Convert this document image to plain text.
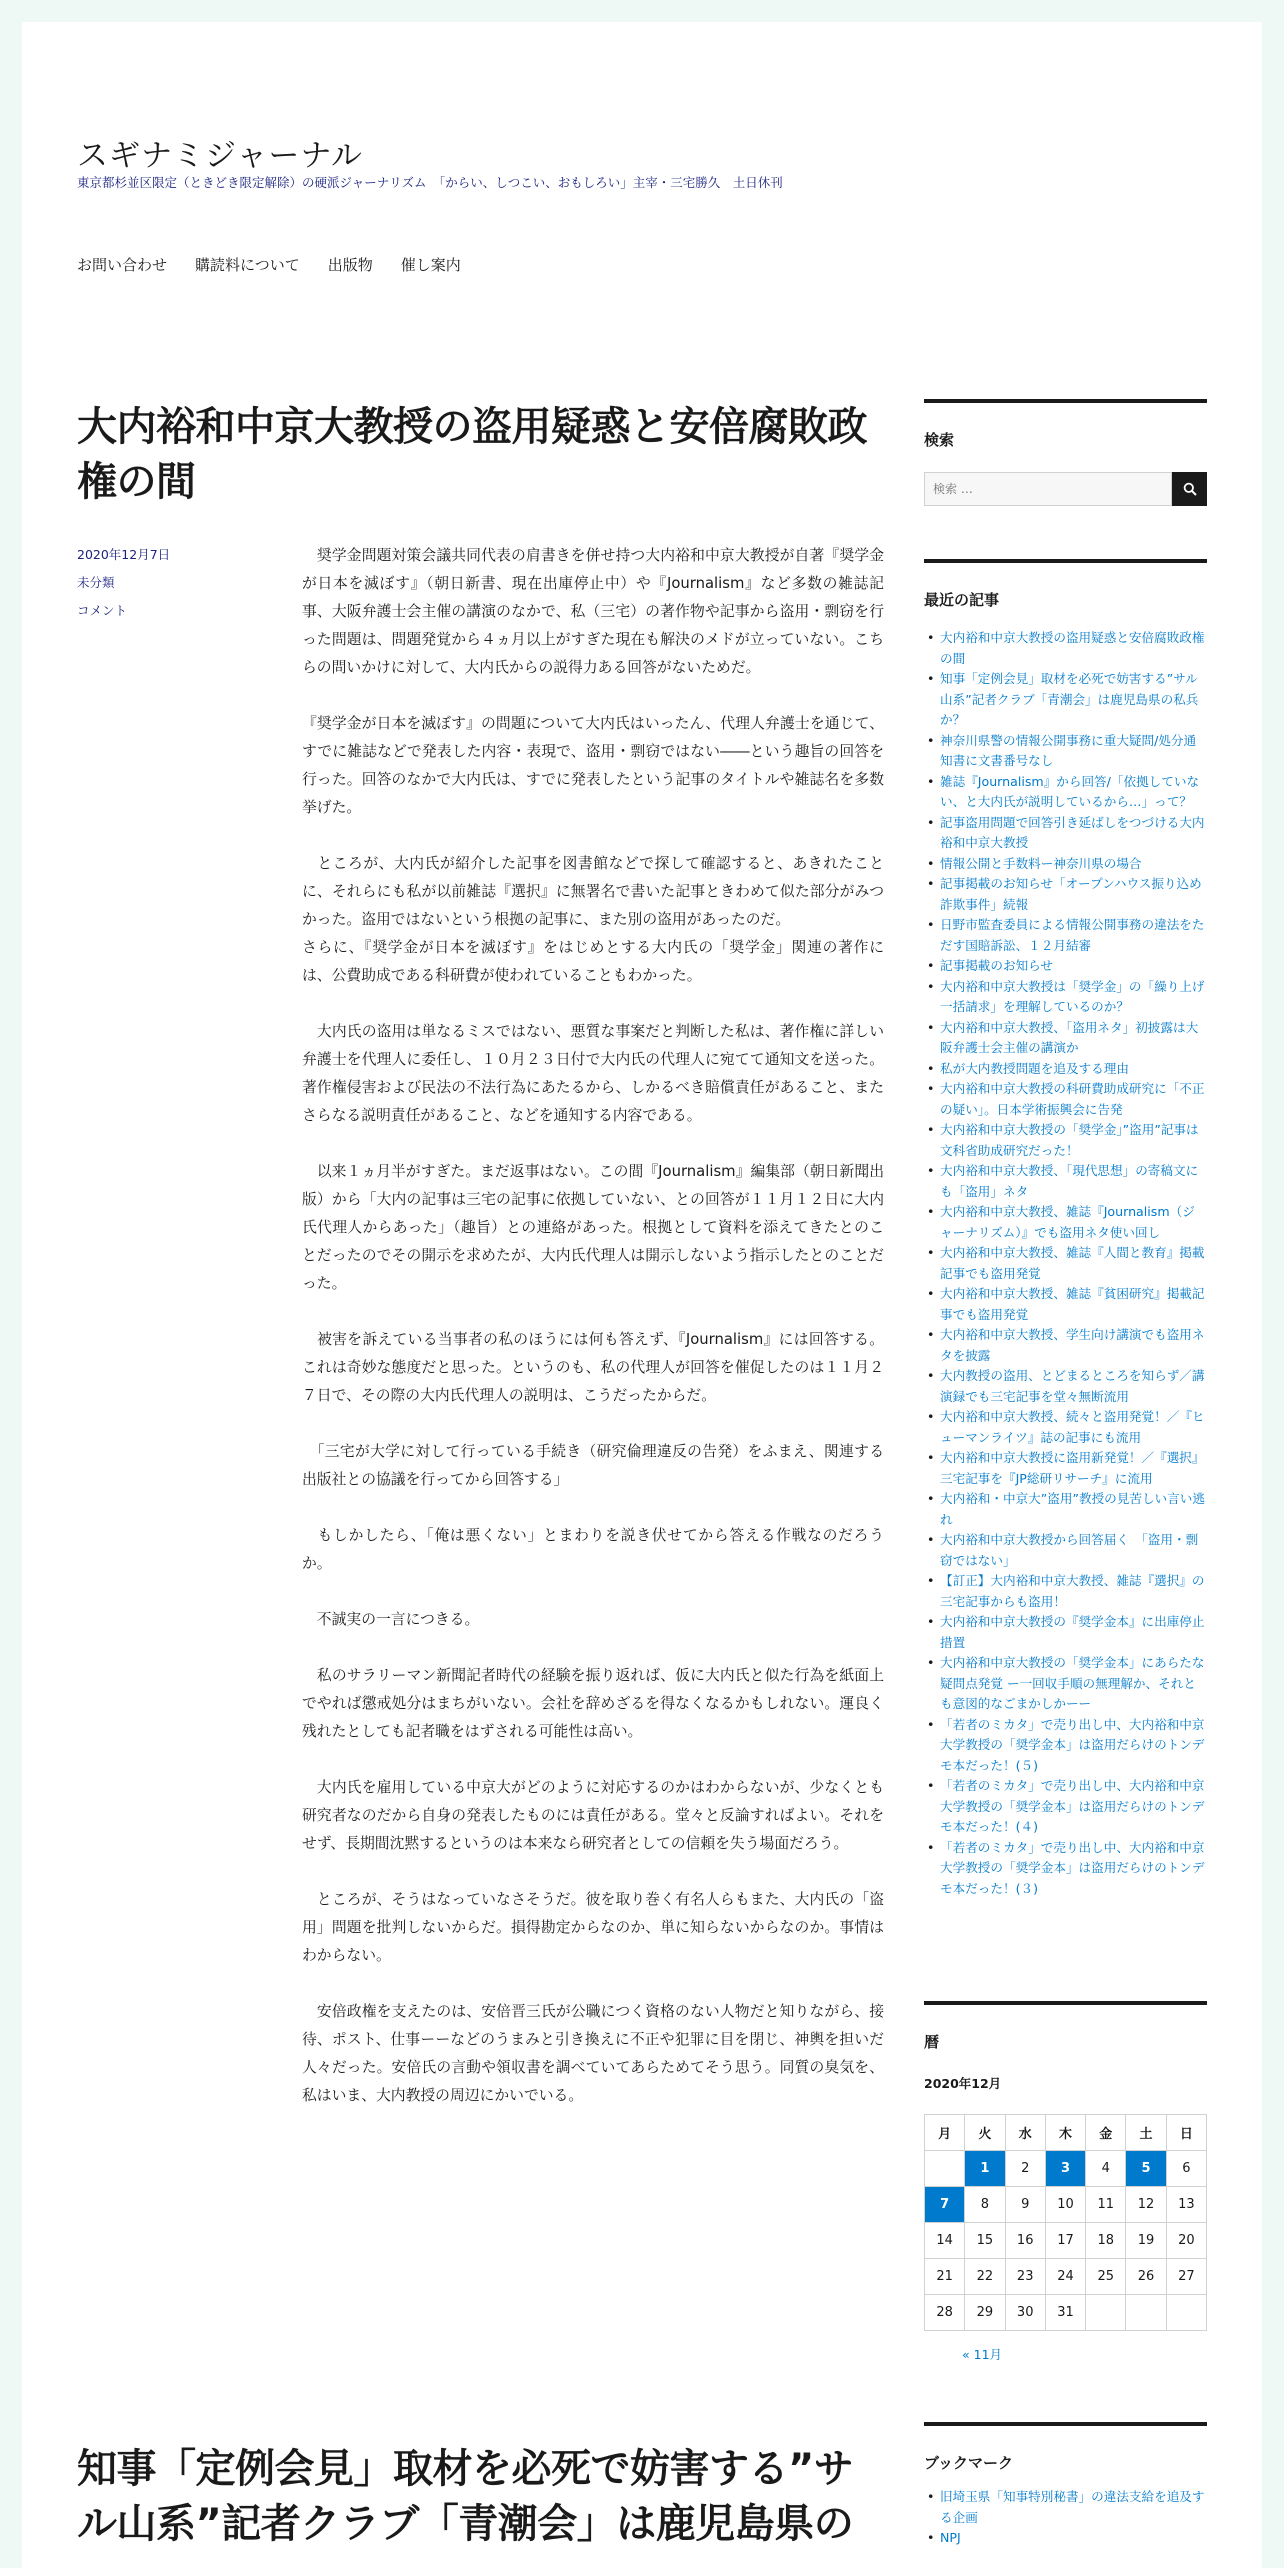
スギナミジャーナル
東京都杉並区限定（ときどき限定解除）の硬派ジャーナリズム　「からい、しつこい、おもしろい」主宰・三宅勝久　土日休刊
お問い合わせ 購読料について 出版物 催し案内
大内裕和中京大教授の盗用疑惑と安倍腐敗政権の間
2020年12月7日
未分類
コメント

　奨学金問題対策会議共同代表の肩書きを併せ持つ大内裕和中京大教授が自著『奨学金が日本を滅ぼす』（朝日新書、現在出庫停止中）や『Journalism』など多数の雑誌記事、大阪弁護士会主催の講演のなかで、私（三宅）の著作物や記事から盗用・剽窃を行った問題は、問題発覚から４ヵ月以上がすぎた現在も解決のメドが立っていない。こちらの問いかけに対して、大内氏からの説得力ある回答がないためだ。

『奨学金が日本を滅ぼす』の問題について大内氏はいったん、代理人弁護士を通じて、すでに雑誌などで発表した内容・表現で、盗用・剽窃ではない――という趣旨の回答を行った。回答のなかで大内氏は、すでに発表したという記事のタイトルや雑誌名を多数挙げた。

　ところが、大内氏が紹介した記事を図書館などで探して確認すると、あきれたことに、それらにも私が以前雑誌『選択』に無署名で書いた記事ときわめて似た部分がみつかった。盗用ではないという根拠の記事に、また別の盗用があったのだ。

さらに、『奨学金が日本を滅ぼす』をはじめとする大内氏の「奨学金」関連の著作には、公費助成である科研費が使われていることもわかった。

　大内氏の盗用は単なるミスではない、悪質な事案だと判断した私は、著作権に詳しい弁護士を代理人に委任し、１０月２３日付で大内氏の代理人に宛てて通知文を送った。著作権侵害および民法の不法行為にあたるから、しかるべき賠償責任があること、またさらなる説明責任があること、などを通知する内容である。

　以来１ヵ月半がすぎた。まだ返事はない。この間『Journalism』編集部（朝日新聞出版）から「大内の記事は三宅の記事に依拠していない、との回答が１１月１２日に大内氏代理人からあった」（趣旨）との連絡があった。根拠として資料を添えてきたとのことだったのでその開示を求めたが、大内氏代理人は開示しないよう指示したとのことだった。

　被害を訴えている当事者の私のほうには何も答えず、『Journalism』には回答する。これは奇妙な態度だと思った。というのも、私の代理人が回答を催促したのは１１月２７日で、その際の大内氏代理人の説明は、こうだったからだ。

　「三宅が大学に対して行っている手続き（研究倫理違反の告発）をふまえ、関連する出版社との協議を行ってから回答する」

　もしかしたら、「俺は悪くない」とまわりを説き伏せてから答える作戦なのだろうか。

　不誠実の一言につきる。

　私のサラリーマン新聞記者時代の経験を振り返れば、仮に大内氏と似た行為を紙面上でやれば懲戒処分はまちがいない。会社を辞めざるを得なくなるかもしれない。運良く残れたとしても記者職をはずされる可能性は高い。

　大内氏を雇用している中京大がどのように対応するのかはわからないが、少なくとも研究者なのだから自身の発表したものには責任がある。堂々と反論すればよい。それをせず、長期間沈黙するというのは本来なら研究者としての信頼を失う場面だろう。

　ところが、そうはなっていなさそうだ。彼を取り巻く有名人らもまた、大内氏の「盗用」問題を批判しないからだ。損得勘定からなのか、単に知らないからなのか。事情はわからない。

　安倍政権を支えたのは、安倍晋三氏が公職につく資格のない人物だと知りながら、接待、ポスト、仕事ーーなどのうまみと引き換えに不正や犯罪に目を閉じ、神輿を担いだ人々だった。安倍氏の言動や領収書を調べていてあらためてそう思う。同質の臭気を、私はいま、大内教授の周辺にかいでいる。

知事「定例会見」取材を必死で妨害する”サル山系”記者クラブ「青潮会」は鹿児島県の
検索
検索 …
最近の記事
• 大内裕和中京大教授の盗用疑惑と安倍腐敗政権の間
• 知事「定例会見」取材を必死で妨害する”サル山系”記者クラブ「青潮会」は鹿児島県の私兵か？
• 神奈川県警の情報公開事務に重大疑問/処分通知書に文書番号なし
• 雑誌『Journalism』から回答/「依拠していない、と大内氏が説明しているから…」って？
• 記事盗用問題で回答引き延ばしをつづける大内裕和中京大教授
• 情報公開と手数料ー神奈川県の場合
• 記事掲載のお知らせ「オープンハウス振り込め詐欺事件」続報
• 日野市監査委員による情報公開事務の違法をただす国賠訴訟、１２月結審
• 記事掲載のお知らせ
• 大内裕和中京大教授は「奨学金」の「繰り上げ一括請求」を理解しているのか？
• 大内裕和中京大教授、「盗用ネタ」初披露は大阪弁護士会主催の講演か
• 私が大内教授問題を追及する理由
• 大内裕和中京大教授の科研費助成研究に「不正の疑い」。日本学術振興会に告発
• 大内裕和中京大教授の「奨学金」”盗用”記事は文科省助成研究だった！
• 大内裕和中京大教授、「現代思想」の寄稿文にも「盗用」ネタ
• 大内裕和中京大教授、雑誌『Journalism（ジャーナリズム）』でも盗用ネタ使い回し
• 大内裕和中京大教授、雑誌『人間と教育』掲載記事でも盗用発覚
• 大内裕和中京大教授、雑誌『貧困研究』掲載記事でも盗用発覚
• 大内裕和中京大教授、学生向け講演でも盗用ネタを披露
• 大内教授の盗用、とどまるところを知らず／講演録でも三宅記事を堂々無断流用
• 大内裕和中京大教授、続々と盗用発覚！／『ヒューマンライツ』誌の記事にも流用
• 大内裕和中京大教授に盗用新発覚！／『選択』三宅記事を『JP総研リサーチ』に流用
• 大内裕和・中京大”盗用”教授の見苦しい言い逃れ
• 大内裕和中京大教授から回答届く　「盗用・剽窃ではない」
• 【訂正】大内裕和中京大教授、雑誌『選択』の三宅記事からも盗用！
• 大内裕和中京大教授の『奨学金本』に出庫停止措置
• 大内裕和中京大教授の「奨学金本」にあらたな疑問点発覚 ー一回収手順の無理解か、それとも意図的なごまかしかーー
• 「若者のミカタ」で売り出し中、大内裕和中京大学教授の「奨学金本」は盗用だらけのトンデモ本だった！(５)
• 「若者のミカタ」で売り出し中、大内裕和中京大学教授の「奨学金本」は盗用だらけのトンデモ本だった！(４)
• 「若者のミカタ」で売り出し中、大内裕和中京大学教授の「奨学金本」は盗用だらけのトンデモ本だった！(３)
暦
2020年12月
月	火	水	木	金	土	日
	1	2	3	4	5	6
7	8	9	10	11	12	13
14	15	16	17	18	19	20
21	22	23	24	25	26	27
28	29	30	31			
« 11月
ブックマーク
• 旧埼玉県「知事特別秘書」の違法支給を追及する企画
• NPJ
